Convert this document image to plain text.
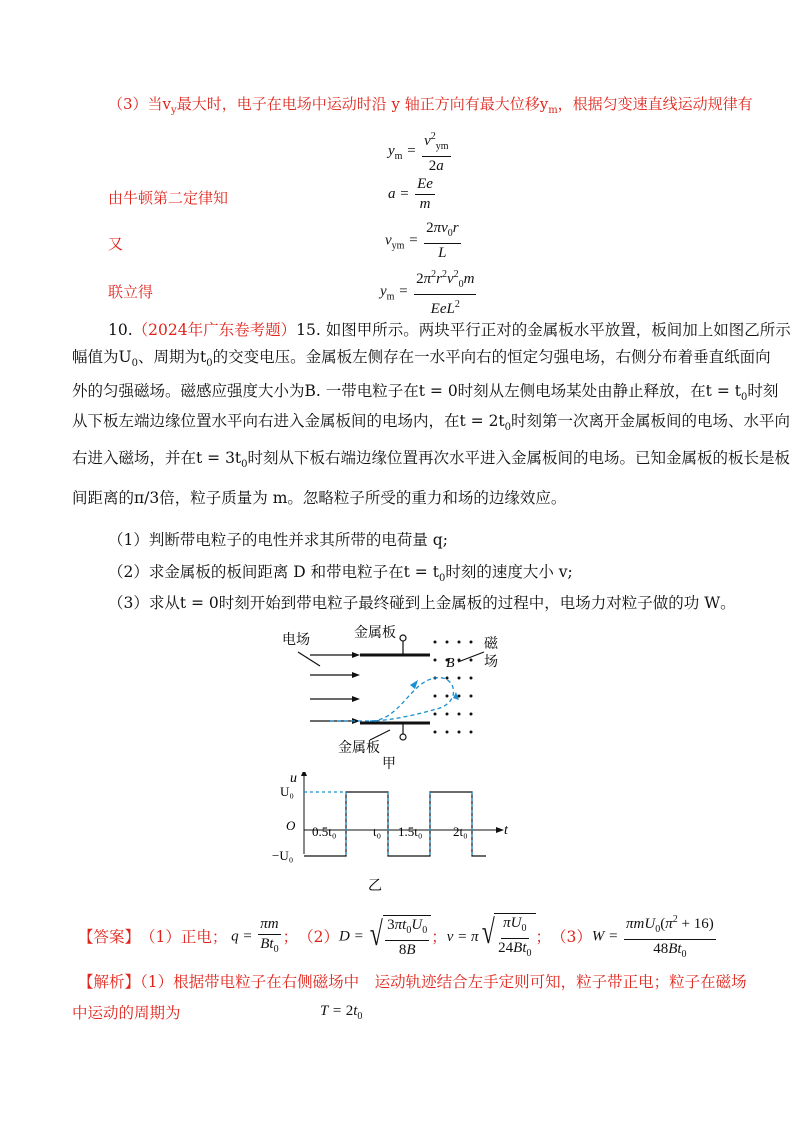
（3）当$v_y$最大时，电子在电场中运动时沿 y 轴正方向有最大位移$y_m$，根据匀变速直线运动规律有
$y_m = \frac{v^2_{ym}}{2a}$
由牛顿第二定律知	$a = \frac{Ee}{m}$
又	$v_{ym} = \frac{2\pi v_0r}{L}$
联立得	$y_m = \frac{2\pi^2r^2v^2_0m}{EeL^2}$
10.（2024年广东卷考题）15. 如图甲所示。两块平行正对的金属板水平放置，板间加上如图乙所示
幅值为$U_0$、周期为$t_0$的交变电压。金属板左侧存在一水平向右的恒定匀强电场，右侧分布着垂直纸面向
外的匀强磁场。磁感应强度大小为B. 一带电粒子在t = 0时刻从左侧电场某处由静止释放，在$t = t_0$时刻
从下板左端边缘位置水平向右进入金属板间的电场内，在$t = 2t_0$时刻第一次离开金属板间的电场、水平向
右进入磁场，并在$t = 3t_0$时刻从下板右端边缘位置再次水平进入金属板间的电场。已知金属板的板长是板
间距离的π/3倍，粒子质量为 m。忽略粒子所受的重力和场的边缘效应。
（1）判断带电粒子的电性并求其所带的电荷量 q;
（2）求金属板的板间距离 D 和带电粒子在$t = t_0$时刻的速度大小 v;
（3）求从t = 0时刻开始到带电粒子最终碰到上金属板的过程中，电场力对粒子做的功 W。
电场	金属板
金属板
磁
场
B
甲
u
t
U₀
−U₀
O 0.5t₀	t₀ 1.5t₀ 2t₀
乙
【答案】 （1）正电； $q = \frac{\pi m}{Bt_0}$ ； （2） D = √ $\frac{3\pi t_0U_0}{8B}$ ； v = π √ $\frac{\pi U_0}{24Bt_0}$ ； （3） $W = \frac{\pi mU_0(\pi^2 + 16)}{48Bt_0}$
【解析】（1）根据带电粒子在右侧磁场中　运动轨迹结合左手定则可知，粒子带正电；粒子在磁场
中运动的周期为	$T = 2t_0$
